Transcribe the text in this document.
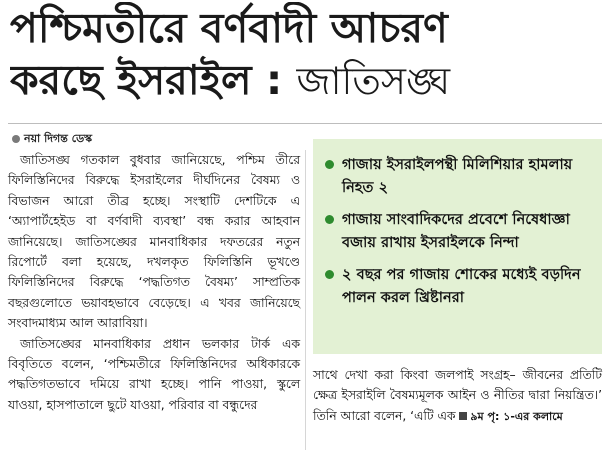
পশ্চিমতীরে বর্ণবাদী আচরণ
করছে ইসরাইল : জাতিসঙ্ঘ
নয়া দিগন্ত ডেস্ক

জাতিসঙ্ঘ গতকাল বুধবার জানিয়েছে, পশ্চিম তীরে ফিলিস্তিনিদের বিরুদ্ধে ইসরাইলের দীর্ঘদিনের বৈষম্য ও বিভাজন আরো তীব্র হচ্ছে। সংস্থাটি দেশটিকে এ ‘অ্যাপার্টহেইড বা বর্ণবাদী ব্যবস্থা’ বন্ধ করার আহবান জানিয়েছে। জাতিসঙ্ঘের মানবাধিকার দফতরের নতুন রিপোর্টে বলা হয়েছে, দখলকৃত ফিলিস্তিনি ভূখণ্ডে ফিলিস্তিনিদের বিরুদ্ধে ‘পদ্ধতিগত বৈষম্য’ সাম্প্রতিক বছরগুলোতে ভয়াবহভাবে বেড়েছে। এ খবর জানিয়েছে সংবাদমাধ্যম আল আরাবিয়া।

জাতিসঙ্ঘের মানবাধিকার প্রধান ভলকার টার্ক এক বিবৃতিতে বলেন, ‘পশ্চিমতীরে ফিলিস্তিনিদের অধিকারকে পদ্ধতিগতভাবে দমিয়ে রাখা হচ্ছে। পানি পাওয়া, স্কুলে যাওয়া, হাসপাতালে ছুটে যাওয়া, পরিবার বা বন্ধুদের

গাজায় ইসরাইলপন্থী মিলিশিয়ার হামলায় নিহত ২
গাজায় সাংবাদিকদের প্রবেশে নিষেধাজ্ঞা বজায় রাখায় ইসরাইলকে নিন্দা
২ বছর পর গাজায় শোকের মধ্যেই বড়দিন পালন করল খ্রিষ্টানরা

সাথে দেখা করা কিংবা জলপাই সংগ্রহ– জীবনের প্রতিটি ক্ষেত্র ইসরাইলি বৈষম্যমূলক আইন ও নীতির দ্বারা নিয়ন্ত্রিত।’ তিনি আরো বলেন, ‘এটি এক ৯ম পৃ: ১-এর কলামে
